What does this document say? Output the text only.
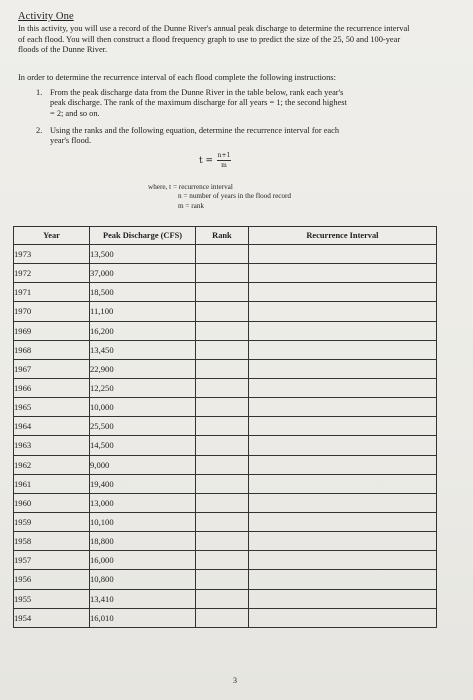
Activity One
In this activity, you will use a record of the Dunne River's annual peak discharge to determine the recurrence interval of each flood. You will then construct a flood frequency graph to use to predict the size of the 25, 50 and 100-year floods of the Dunne River.
In order to determine the recurrence interval of each flood complete the following instructions:
1. From the peak discharge data from the Dunne River in the table below, rank each year's
peak discharge. The rank of the maximum discharge for all years = 1; the second highest
= 2; and so on.
2. Using the ranks and the following equation, determine the recurrence interval for each
year's flood.
$t = \frac{n+1}{m}$
where, t = recurrence interval
n = number of years in the flood record
m = rank
Year	Peak Discharge (CFS)	Rank	Recurrence Interval
1973	13,500		
1972	37,000		
1971	18,500		
1970	11,100		
1969	16,200		
1968	13,450		
1967	22,900		
1966	12,250		
1965	10,000		
1964	25,500		
1963	14,500		
1962	9,000		
1961	19,400		
1960	13,000		
1959	10,100		
1958	18,800		
1957	16,000		
1956	10,800		
1955	13,410		
1954	16,010		
3
